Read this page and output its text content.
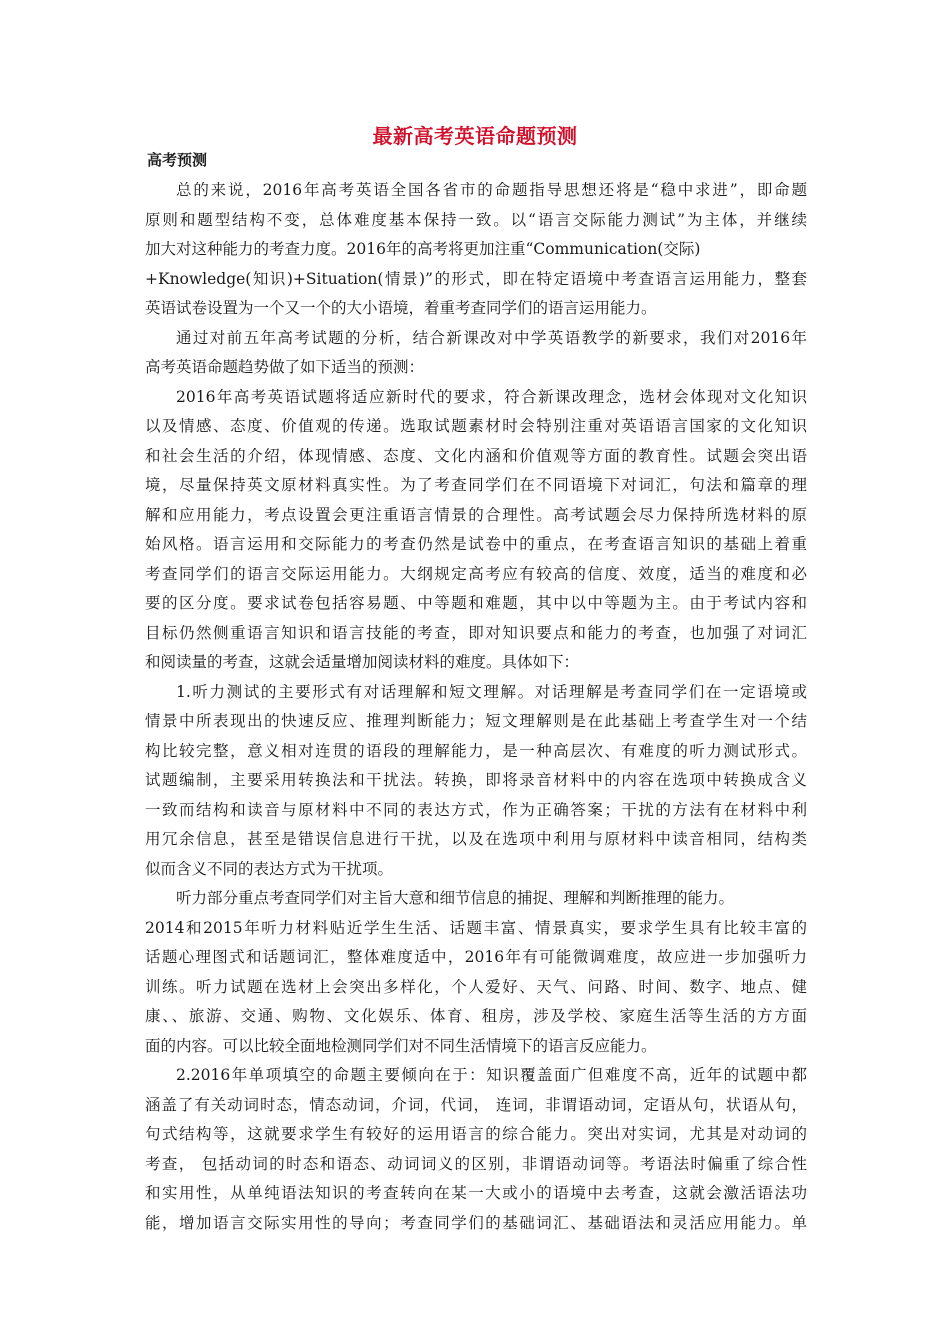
最新高考英语命题预测
高考预测
总的来说，2016年高考英语全国各省市的命题指导思想还将是“稳中求进”，即命题
原则和题型结构不变，总体难度基本保持一致。以“语言交际能力测试”为主体，并继续
加大对这种能力的考查力度。2016年的高考将更加注重“Communication(交际)
+Knowledge(知识)+Situation(情景)”的形式，即在特定语境中考查语言运用能力，整套
英语试卷设置为一个又一个的大小语境，着重考查同学们的语言运用能力。
通过对前五年高考试题的分析，结合新课改对中学英语教学的新要求，我们对2016年
高考英语命题趋势做了如下适当的预测：
2016年高考英语试题将适应新时代的要求，符合新课改理念，选材会体现对文化知识
以及情感、态度、价值观的传递。选取试题素材时会特别注重对英语语言国家的文化知识
和社会生活的介绍，体现情感、态度、文化内涵和价值观等方面的教育性。试题会突出语
境，尽量保持英文原材料真实性。为了考查同学们在不同语境下对词汇，句法和篇章的理
解和应用能力，考点设置会更注重语言情景的合理性。高考试题会尽力保持所选材料的原
始风格。语言运用和交际能力的考查仍然是试卷中的重点，在考查语言知识的基础上着重
考查同学们的语言交际运用能力。大纲规定高考应有较高的信度、效度，适当的难度和必
要的区分度。要求试卷包括容易题、中等题和难题，其中以中等题为主。由于考试内容和
目标仍然侧重语言知识和语言技能的考查，即对知识要点和能力的考查，也加强了对词汇
和阅读量的考查，这就会适量增加阅读材料的难度。具体如下：
1.听力测试的主要形式有对话理解和短文理解。对话理解是考查同学们在一定语境或
情景中所表现出的快速反应、推理判断能力；短文理解则是在此基础上考查学生对一个结
构比较完整，意义相对连贯的语段的理解能力，是一种高层次、有难度的听力测试形式。
试题编制，主要采用转换法和干扰法。转换，即将录音材料中的内容在选项中转换成含义
一致而结构和读音与原材料中不同的表达方式，作为正确答案；干扰的方法有在材料中利
用冗余信息，甚至是错误信息进行干扰，以及在选项中利用与原材料中读音相同，结构类
似而含义不同的表达方式为干扰项。
听力部分重点考查同学们对主旨大意和细节信息的捕捉、理解和判断推理的能力。
2014和2015年听力材料贴近学生生活、话题丰富、情景真实，要求学生具有比较丰富的
话题心理图式和话题词汇，整体难度适中，2016年有可能微调难度，故应进一步加强听力
训练。听力试题在选材上会突出多样化，个人爱好、天气、问路、时间、数字、地点、健
康、、旅游、交通、购物、文化娱乐、体育、租房，涉及学校、家庭生活等生活的方方面
面的内容。可以比较全面地检测同学们对不同生活情境下的语言反应能力。
2.2016年单项填空的命题主要倾向在于：知识覆盖面广但难度不高，近年的试题中都
涵盖了有关动词时态，情态动词，介词，代词， 连词，非谓语动词，定语从句，状语从句，
句式结构等，这就要求学生有较好的运用语言的综合能力。突出对实词，尤其是对动词的
考查， 包括动词的时态和语态、动词词义的区别，非谓语动词等。考语法时偏重了综合性
和实用性，从单纯语法知识的考查转向在某一大或小的语境中去考查，这就会激活语法功
能，增加语言交际实用性的导向；考查同学们的基础词汇、基础语法和灵活应用能力。单
